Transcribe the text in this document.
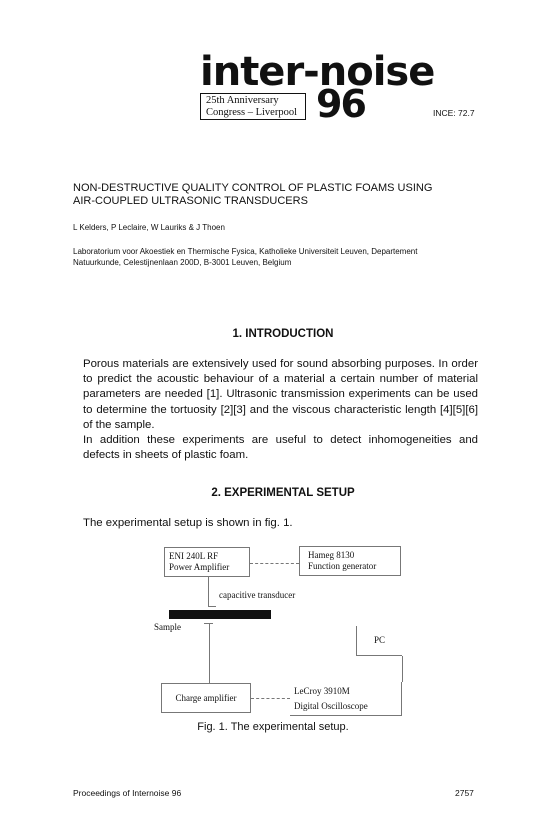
inter-noise
25th Anniversary
Congress – Liverpool 96	INCE: 72.7
NON-DESTRUCTIVE QUALITY CONTROL OF PLASTIC FOAMS USING
AIR-COUPLED ULTRASONIC TRANSDUCERS
L Kelders, P Leclaire, W Lauriks & J Thoen
Laboratorium voor Akoestiek en Thermische Fysica, Katholieke Universiteit Leuven, Departement
Natuurkunde, Celestijnenlaan 200D, B-3001 Leuven, Belgium
1. INTRODUCTION
Porous materials are extensively used for sound absorbing purposes. In order to predict the acoustic behaviour of a material a certain number of material parameters are needed [1]. Ultrasonic transmission experiments can be used to determine the tortuosity [2][3] and the viscous characteristic length [4][5][6] of the sample.
In addition these experiments are useful to detect inhomogeneities and defects in sheets of plastic foam.
2. EXPERIMENTAL SETUP
The experimental setup is shown in fig. 1.
ENI 240L RF
Power Amplifier
Hameg 8130
Function generator
capacitive transducer
Sample
PC
Charge amplifier
LeCroy 3910M
Digital Oscilloscope
Fig. 1. The experimental setup.
Proceedings of Internoise 96	2757
